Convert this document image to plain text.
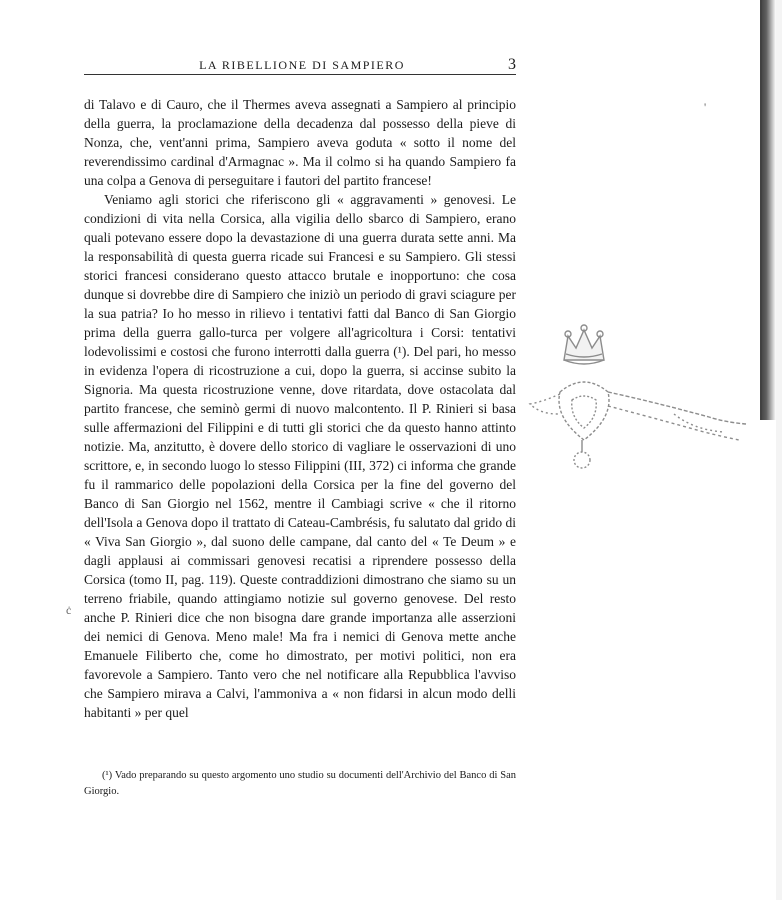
LA RIBELLIONE DI SAMPIERO	3

di Talavo e di Cauro, che il Thermes aveva assegnati a Sampiero al principio della guerra, la proclamazione della decadenza dal possesso della pieve di Nonza, che, vent'anni prima, Sampiero aveva goduta « sotto il nome del reverendissimo cardinal d'Armagnac ». Ma il colmo si ha quando Sampiero fa una colpa a Genova di perseguitare i fautori del partito francese!

Veniamo agli storici che riferiscono gli « aggravamenti » genovesi. Le condizioni di vita nella Corsica, alla vigilia dello sbarco di Sampiero, erano quali potevano essere dopo la devastazione di una guerra durata sette anni. Ma la responsabilità di questa guerra ricade sui Francesi e su Sampiero. Gli stessi storici francesi considerano questo attacco brutale e inopportuno: che cosa dunque si dovrebbe dire di Sampiero che iniziò un periodo di gravi sciagure per la sua patria? Io ho messo in rilievo i tentativi fatti dal Banco di San Giorgio prima della guerra gallo-turca per volgere all'agricoltura i Corsi: tentativi lodevolissimi e costosi che furono interrotti dalla guerra (¹). Del pari, ho messo in evidenza l'opera di ricostruzione a cui, dopo la guerra, si accinse subito la Signoria. Ma questa ricostruzione venne, dove ritardata, dove ostacolata dal partito francese, che seminò germi di nuovo malcontento. Il P. Rinieri si basa sulle affermazioni del Filippini e di tutti gli storici che da questo hanno attinto notizie. Ma, anzitutto, è dovere dello storico di vagliare le osservazioni di uno scrittore, e, in secondo luogo lo stesso Filippini (III, 372) ci informa che grande fu il rammarico delle popolazioni della Corsica per la fine del governo del Banco di San Giorgio nel 1562, mentre il Cambiagi scrive « che il ritorno dell'Isola a Genova dopo il trattato di Cateau-Cambrésis, fu salutato dal grido di « Viva San Giorgio », dal suono delle campane, dal canto del « Te Deum » e dagli applausi ai commissari genovesi recatisi a riprendere possesso della Corsica (tomo II, pag. 119). Queste contraddizioni dimostrano che siamo su un terreno friabile, quando attingiamo notizie sul governo genovese. Del resto anche P. Rinieri dice che non bisogna dare grande importanza alle asserzioni dei nemici di Genova. Meno male! Ma fra i nemici di Genova mette anche Emanuele Filiberto che, come ho dimostrato, per motivi politici, non era favorevole a Sampiero. Tanto vero che nel notificare alla Repubblica l'avviso che Sampiero mirava a Calvi, l'ammoniva a « non fidarsi in alcun modo delli habitanti » per quel

(¹) Vado preparando su questo argomento uno studio su documenti dell'Archivio del Banco di San Giorgio.

ċ
'
